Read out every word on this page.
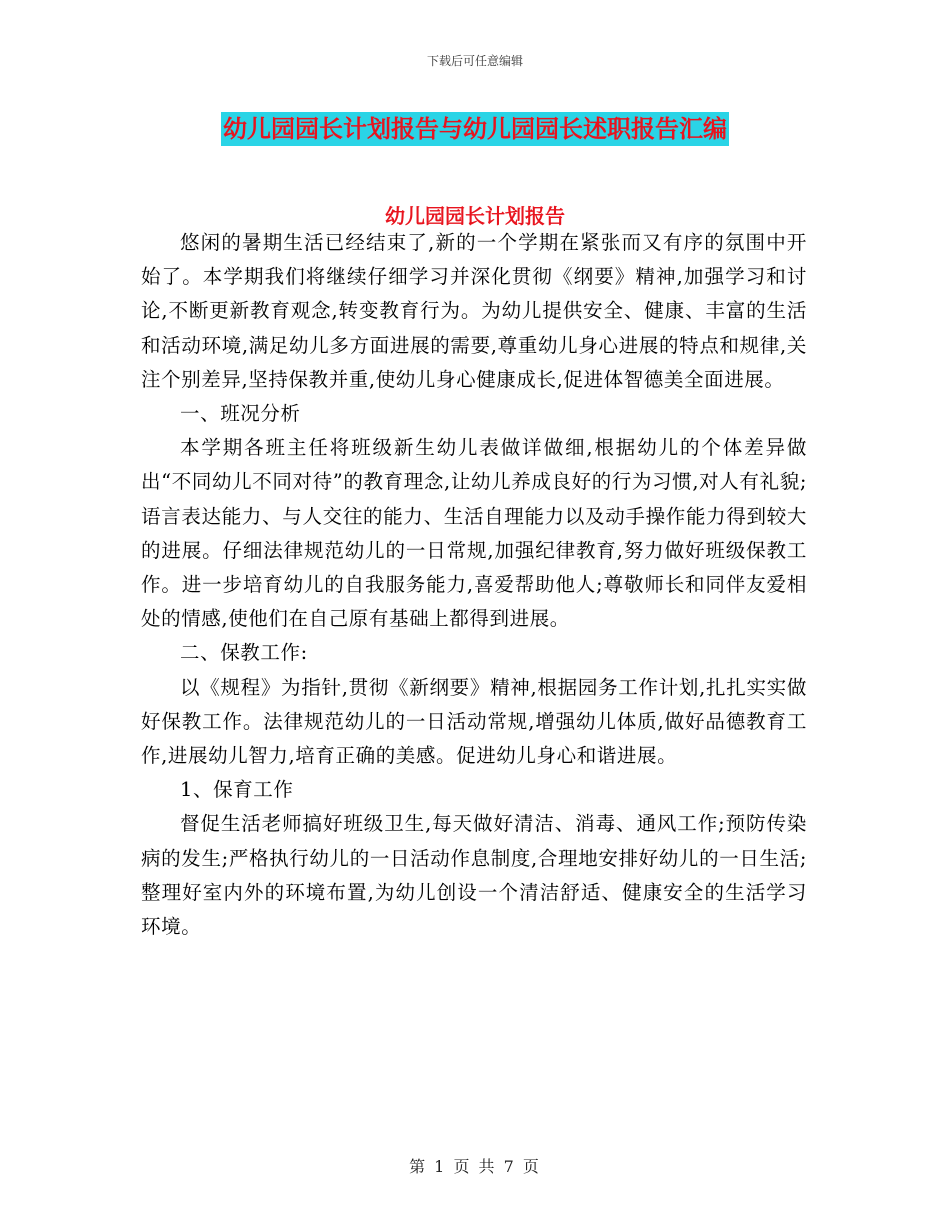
下载后可任意编辑
幼儿园园长计划报告与幼儿园园长述职报告汇编
幼儿园园长计划报告

悠闲的暑期生活已经结束了,新的一个学期在紧张而又有序的氛围中开始了。本学期我们将继续仔细学习并深化贯彻《纲要》精神,加强学习和讨论,不断更新教育观念,转变教育行为。为幼儿提供安全、健康、丰富的生活和活动环境,满足幼儿多方面进展的需要,尊重幼儿身心进展的特点和规律,关注个别差异,坚持保教并重,使幼儿身心健康成长,促进体智德美全面进展。

一、班况分析

本学期各班主任将班级新生幼儿表做详做细,根据幼儿的个体差异做出“不同幼儿不同对待”的教育理念,让幼儿养成良好的行为习惯,对人有礼貌;语言表达能力、与人交往的能力、生活自理能力以及动手操作能力得到较大的进展。仔细法律规范幼儿的一日常规,加强纪律教育,努力做好班级保教工作。进一步培育幼儿的自我服务能力,喜爱帮助他人;尊敬师长和同伴友爱相处的情感,使他们在自己原有基础上都得到进展。

二、保教工作:

以《规程》为指针,贯彻《新纲要》精神,根据园务工作计划,扎扎实实做好保教工作。法律规范幼儿的一日活动常规,增强幼儿体质,做好品德教育工作,进展幼儿智力,培育正确的美感。促进幼儿身心和谐进展。

1、保育工作

督促生活老师搞好班级卫生,每天做好清洁、消毒、通风工作;预防传染病的发生;严格执行幼儿的一日活动作息制度,合理地安排好幼儿的一日生活;整理好室内外的环境布置,为幼儿创设一个清洁舒适、健康安全的生活学习环境。

第 1 页 共 7 页
